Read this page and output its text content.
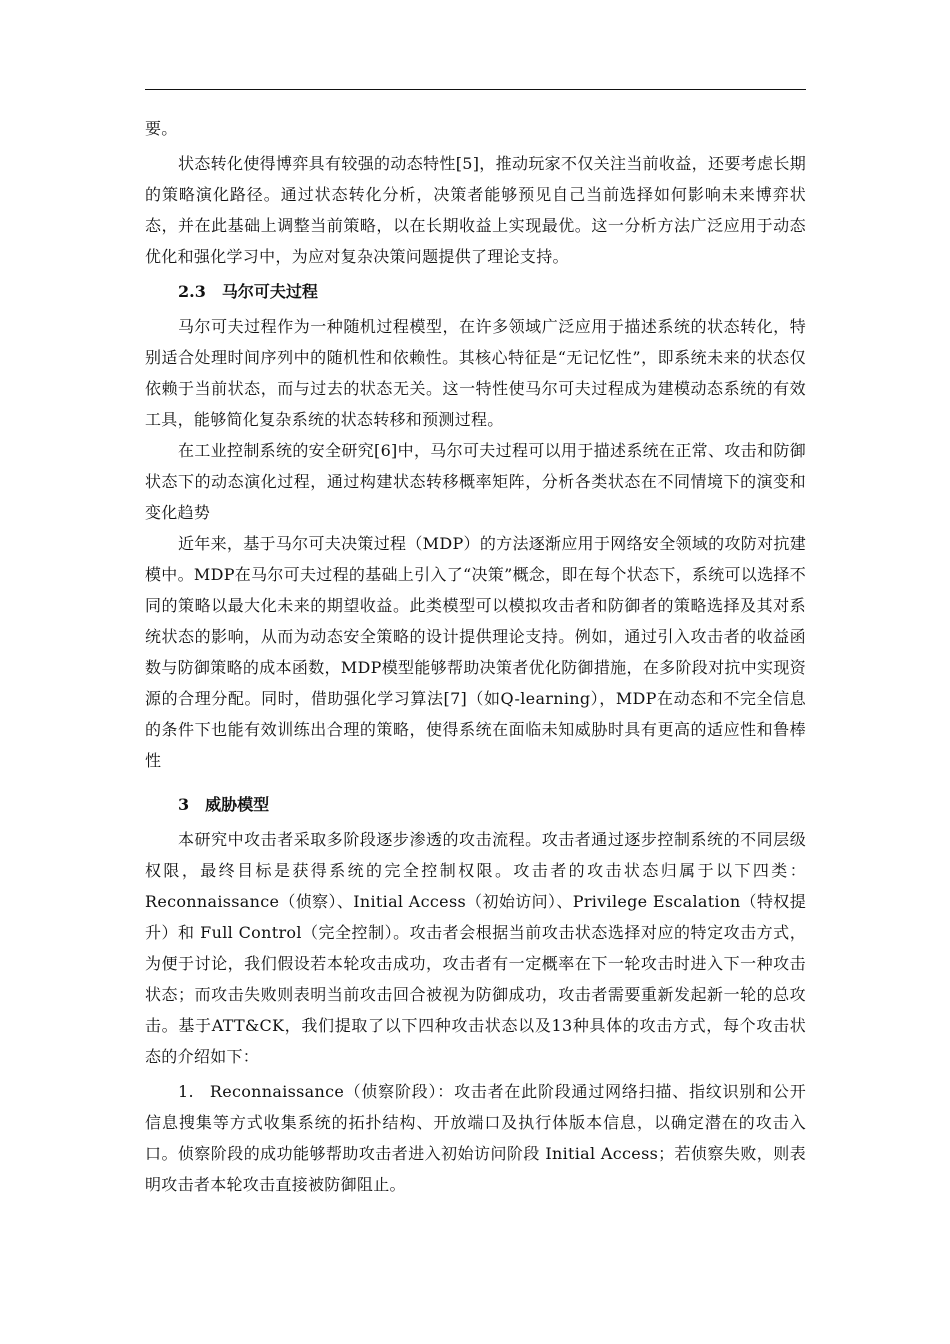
要。

状态转化使得博弈具有较强的动态特性[5]，推动玩家不仅关注当前收益，还要考虑长期的策略演化路径。通过状态转化分析，决策者能够预见自己当前选择如何影响未来博弈状态，并在此基础上调整当前策略，以在长期收益上实现最优。这一分析方法广泛应用于动态优化和强化学习中，为应对复杂决策问题提供了理论支持。

2.3 马尔可夫过程

马尔可夫过程作为一种随机过程模型，在许多领域广泛应用于描述系统的状态转化，特别适合处理时间序列中的随机性和依赖性。其核心特征是“无记忆性”，即系统未来的状态仅依赖于当前状态，而与过去的状态无关。这一特性使马尔可夫过程成为建模动态系统的有效工具，能够简化复杂系统的状态转移和预测过程。

在工业控制系统的安全研究[6]中，马尔可夫过程可以用于描述系统在正常、攻击和防御状态下的动态演化过程，通过构建状态转移概率矩阵，分析各类状态在不同情境下的演变和变化趋势

近年来，基于马尔可夫决策过程（MDP）的方法逐渐应用于网络安全领域的攻防对抗建模中。MDP在马尔可夫过程的基础上引入了“决策”概念，即在每个状态下，系统可以选择不同的策略以最大化未来的期望收益。此类模型可以模拟攻击者和防御者的策略选择及其对系统状态的影响，从而为动态安全策略的设计提供理论支持。例如，通过引入攻击者的收益函数与防御策略的成本函数，MDP模型能够帮助决策者优化防御措施，在多阶段对抗中实现资源的合理分配。同时，借助强化学习算法[7]（如Q-learning），MDP在动态和不完全信息的条件下也能有效训练出合理的策略，使得系统在面临未知威胁时具有更高的适应性和鲁棒性

3 威胁模型

本研究中攻击者采取多阶段逐步渗透的攻击流程。攻击者通过逐步控制系统的不同层级权限，最终目标是获得系统的完全控制权限。攻击者的攻击状态归属于以下四类：Reconnaissance（侦察）、Initial Access（初始访问）、Privilege Escalation（特权提升）和 Full Control（完全控制）。攻击者会根据当前攻击状态选择对应的特定攻击方式，为便于讨论，我们假设若本轮攻击成功，攻击者有一定概率在下一轮攻击时进入下一种攻击状态；而攻击失败则表明当前攻击回合被视为防御成功，攻击者需要重新发起新一轮的总攻击。基于ATT&CK，我们提取了以下四种攻击状态以及13种具体的攻击方式，每个攻击状态的介绍如下：

1. Reconnaissance（侦察阶段）：攻击者在此阶段通过网络扫描、指纹识别和公开信息搜集等方式收集系统的拓扑结构、开放端口及执行体版本信息，以确定潜在的攻击入口。侦察阶段的成功能够帮助攻击者进入初始访问阶段 Initial Access；若侦察失败，则表明攻击者本轮攻击直接被防御阻止。
